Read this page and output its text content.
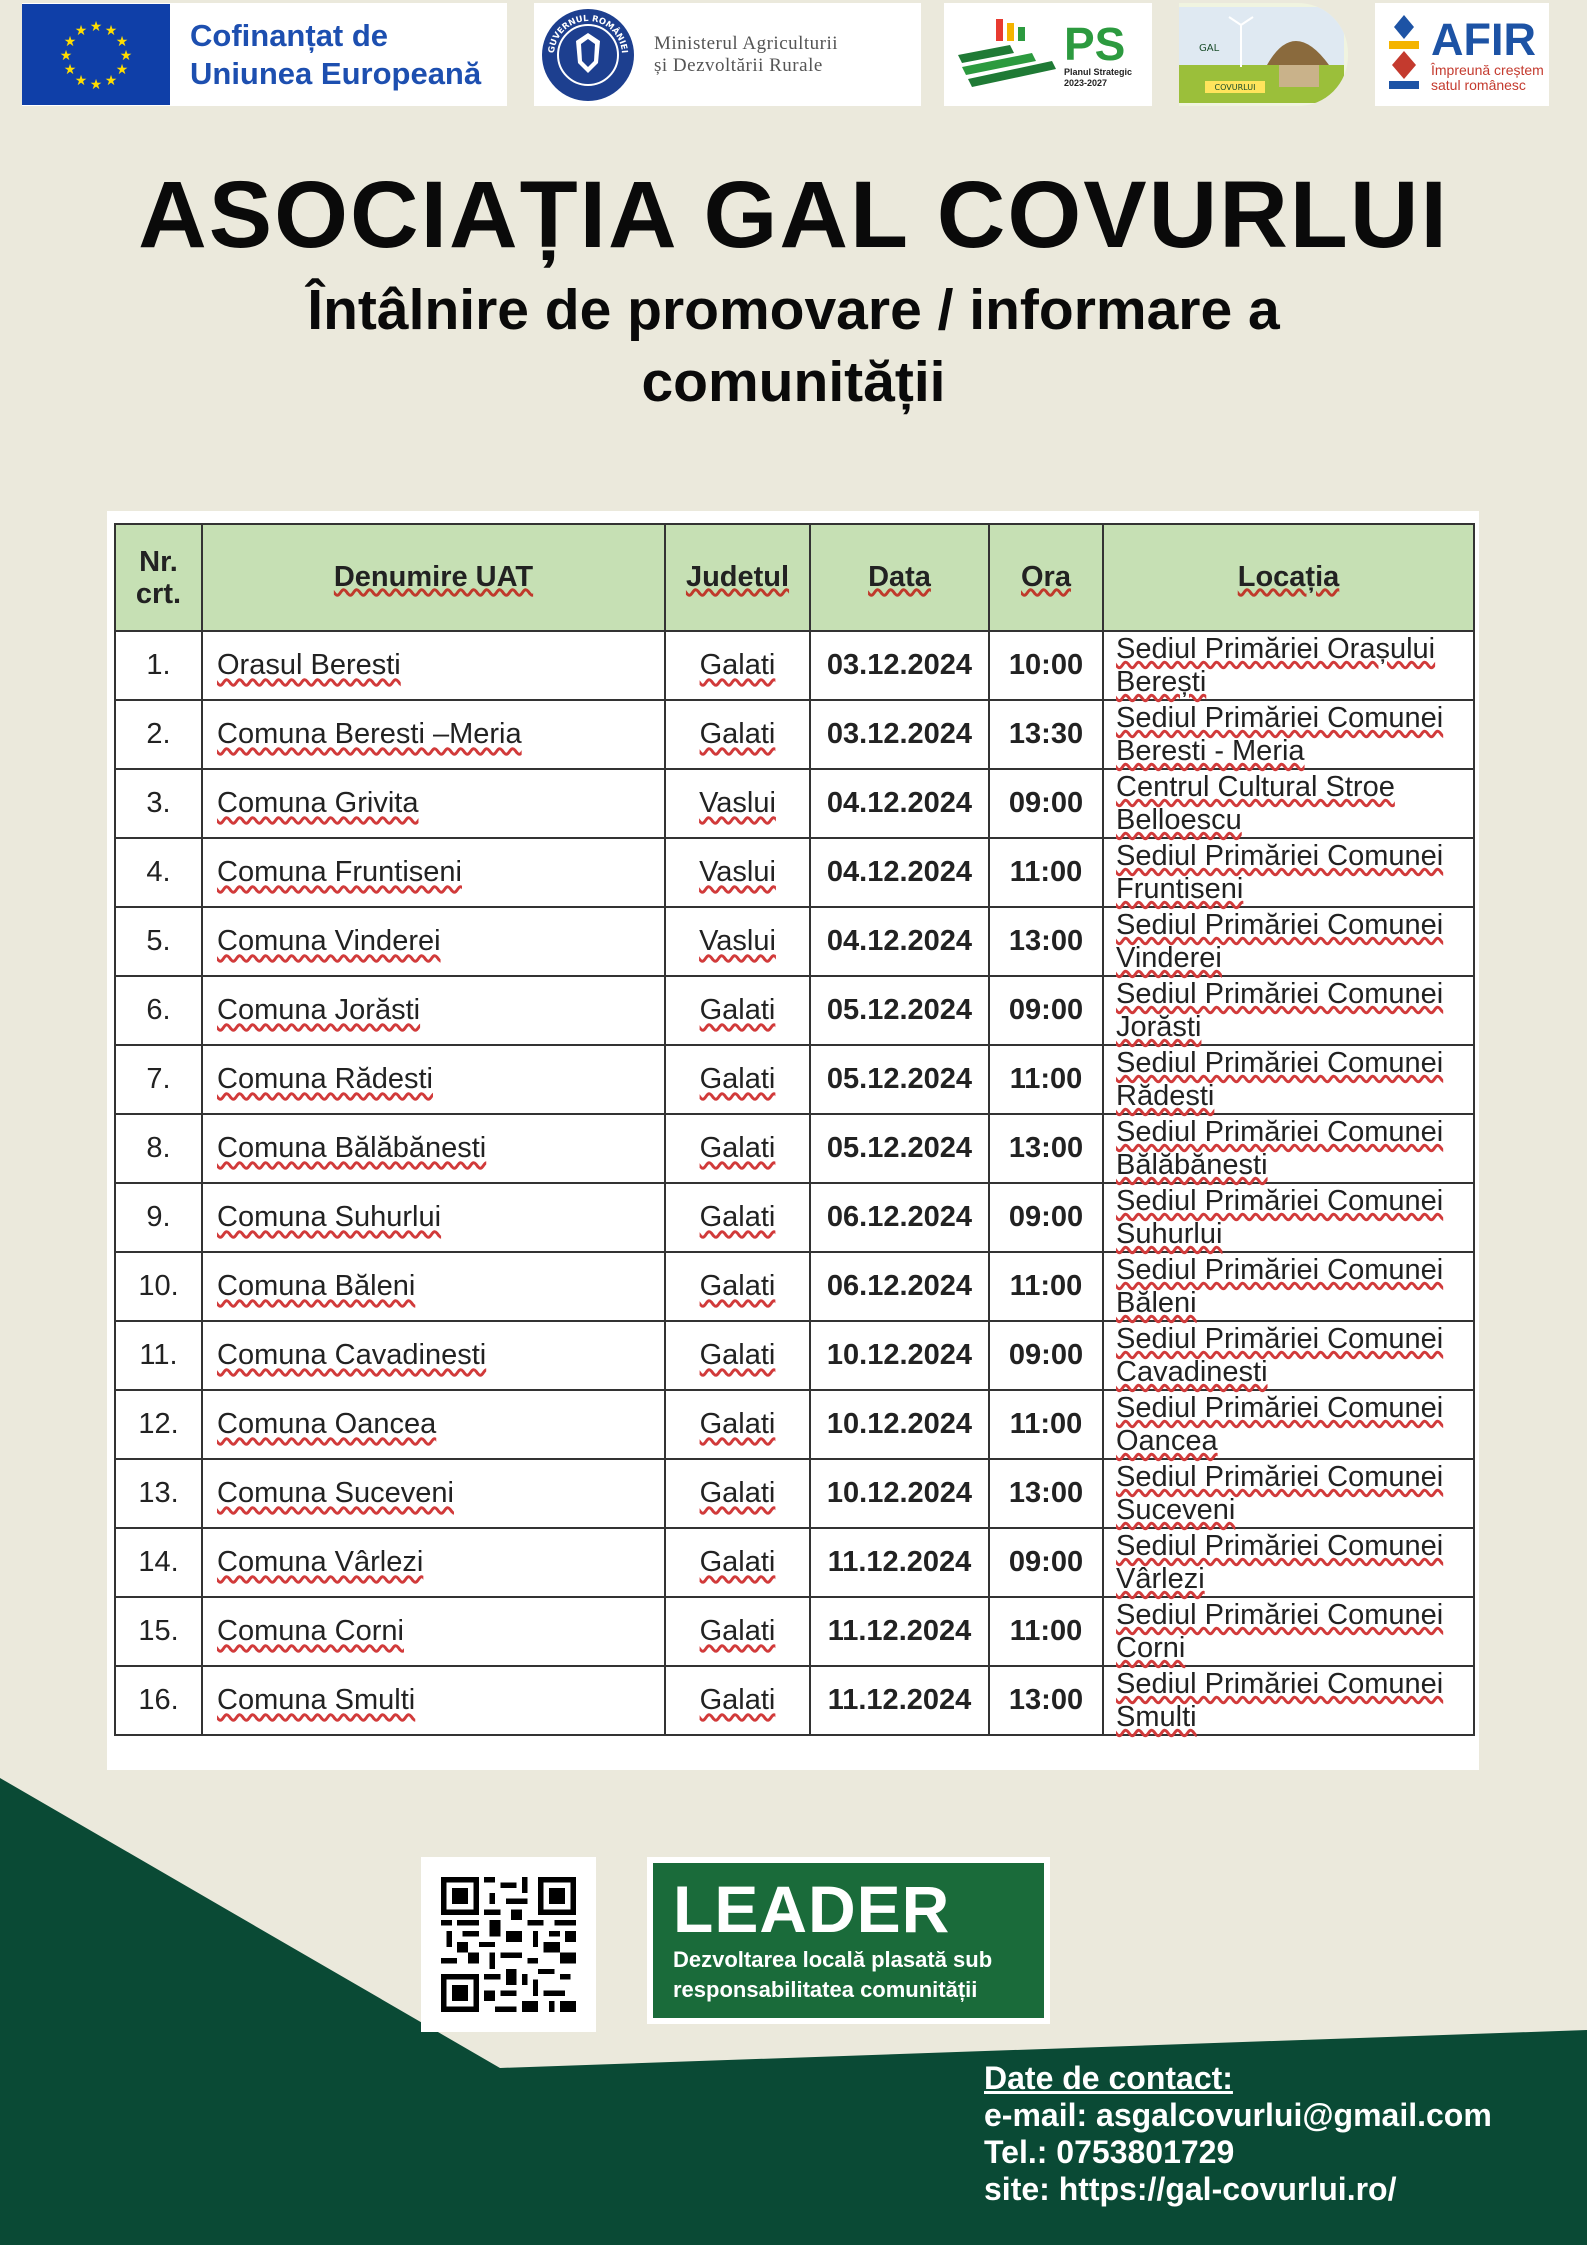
★ ★
★
★
★
★
★
★
★
★
★
★	Cofinanțat de
Uniunea Europeană
GUVERNUL ROMÂNIEI Ministerul Agriculturii
și Dezvoltării Rurale	PS
Planul Strategic
2023-2027
GAL
COVURLUI
AFIR
Împreună creștem
satul românesc
ASOCIAȚIA GAL COVURLUI
Întâlnire de promovare / informare a comunității
Nr. crt.	Denumire UAT	Judetul	Data	Ora	Locația
1.	Orasul Beresti	Galati	03.12.2024	10:00	Sediul Primăriei Orașului Berești
2.	Comuna Beresti –Meria	Galati	03.12.2024	13:30	Sediul Primăriei Comunei Beresti - Meria
3.	Comuna Grivita	Vaslui	04.12.2024	09:00	Centrul Cultural Stroe Belloescu
4.	Comuna Fruntiseni	Vaslui	04.12.2024	11:00	Sediul Primăriei Comunei Fruntiseni
5.	Comuna Vinderei	Vaslui	04.12.2024	13:00	Sediul Primăriei Comunei Vinderei
6.	Comuna Jorăsti	Galati	05.12.2024	09:00	Sediul Primăriei Comunei Jorăsti
7.	Comuna Rădesti	Galati	05.12.2024	11:00	Sediul Primăriei Comunei Rădesti
8.	Comuna Bălăbănesti	Galati	05.12.2024	13:00	Sediul Primăriei Comunei Bălăbănesti
9.	Comuna Suhurlui	Galati	06.12.2024	09:00	Sediul Primăriei Comunei Suhurlui
10.	Comuna Băleni	Galati	06.12.2024	11:00	Sediul Primăriei Comunei Băleni
11.	Comuna Cavadinesti	Galati	10.12.2024	09:00	Sediul Primăriei Comunei Cavadinesti
12.	Comuna Oancea	Galati	10.12.2024	11:00	Sediul Primăriei Comunei Oancea
13.	Comuna Suceveni	Galati	10.12.2024	13:00	Sediul Primăriei Comunei Suceveni
14.	Comuna Vârlezi	Galati	11.12.2024	09:00	Sediul Primăriei Comunei Vârlezi
15.	Comuna Corni	Galati	11.12.2024	11:00	Sediul Primăriei Comunei Corni
16.	Comuna Smulti	Galati	11.12.2024	13:00	Sediul Primăriei Comunei Smulti
LEADER
Dezvoltarea locală plasată sub responsabilitatea comunității
Date de contact:
e-mail: asgalcovurlui@gmail.com
Tel.: 0753801729
site: https://gal-covurlui.ro/
